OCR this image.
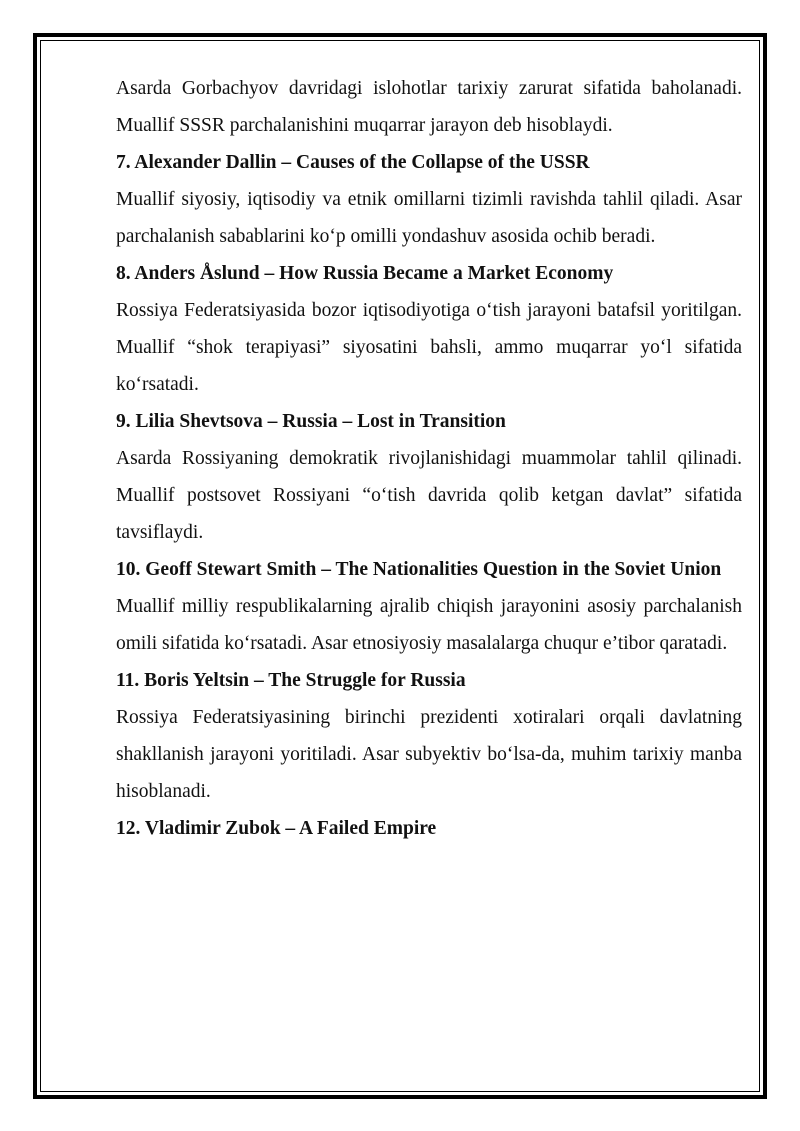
Asarda Gorbachyov davridagi islohotlar tarixiy zarurat sifatida baholanadi. Muallif SSSR parchalanishini muqarrar jarayon deb hisoblaydi.

7. Alexander Dallin – Causes of the Collapse of the USSR

Muallif siyosiy, iqtisodiy va etnik omillarni tizimli ravishda tahlil qiladi. Asar parchalanish sabablarini ko‘p omilli yondashuv asosida ochib beradi.

8. Anders Åslund – How Russia Became a Market Economy

Rossiya Federatsiyasida bozor iqtisodiyotiga o‘tish jarayoni batafsil yoritilgan. Muallif “shok terapiyasi” siyosatini bahsli, ammo muqarrar yo‘l sifatida ko‘rsatadi.

9. Lilia Shevtsova – Russia – Lost in Transition

Asarda Rossiyaning demokratik rivojlanishidagi muammolar tahlil qilinadi. Muallif postsovet Rossiyani “o‘tish davrida qolib ketgan davlat” sifatida tavsiflaydi.

10. Geoff Stewart Smith – The Nationalities Question in the Soviet Union

Muallif milliy respublikalarning ajralib chiqish jarayonini asosiy parchalanish omili sifatida ko‘rsatadi. Asar etnosiyosiy masalalarga chuqur e’tibor qaratadi.

11. Boris Yeltsin – The Struggle for Russia

Rossiya Federatsiyasining birinchi prezidenti xotiralari orqali davlatning shakllanish jarayoni yoritiladi. Asar subyektiv bo‘lsa-da, muhim tarixiy manba hisoblanadi.

12. Vladimir Zubok – A Failed Empire
